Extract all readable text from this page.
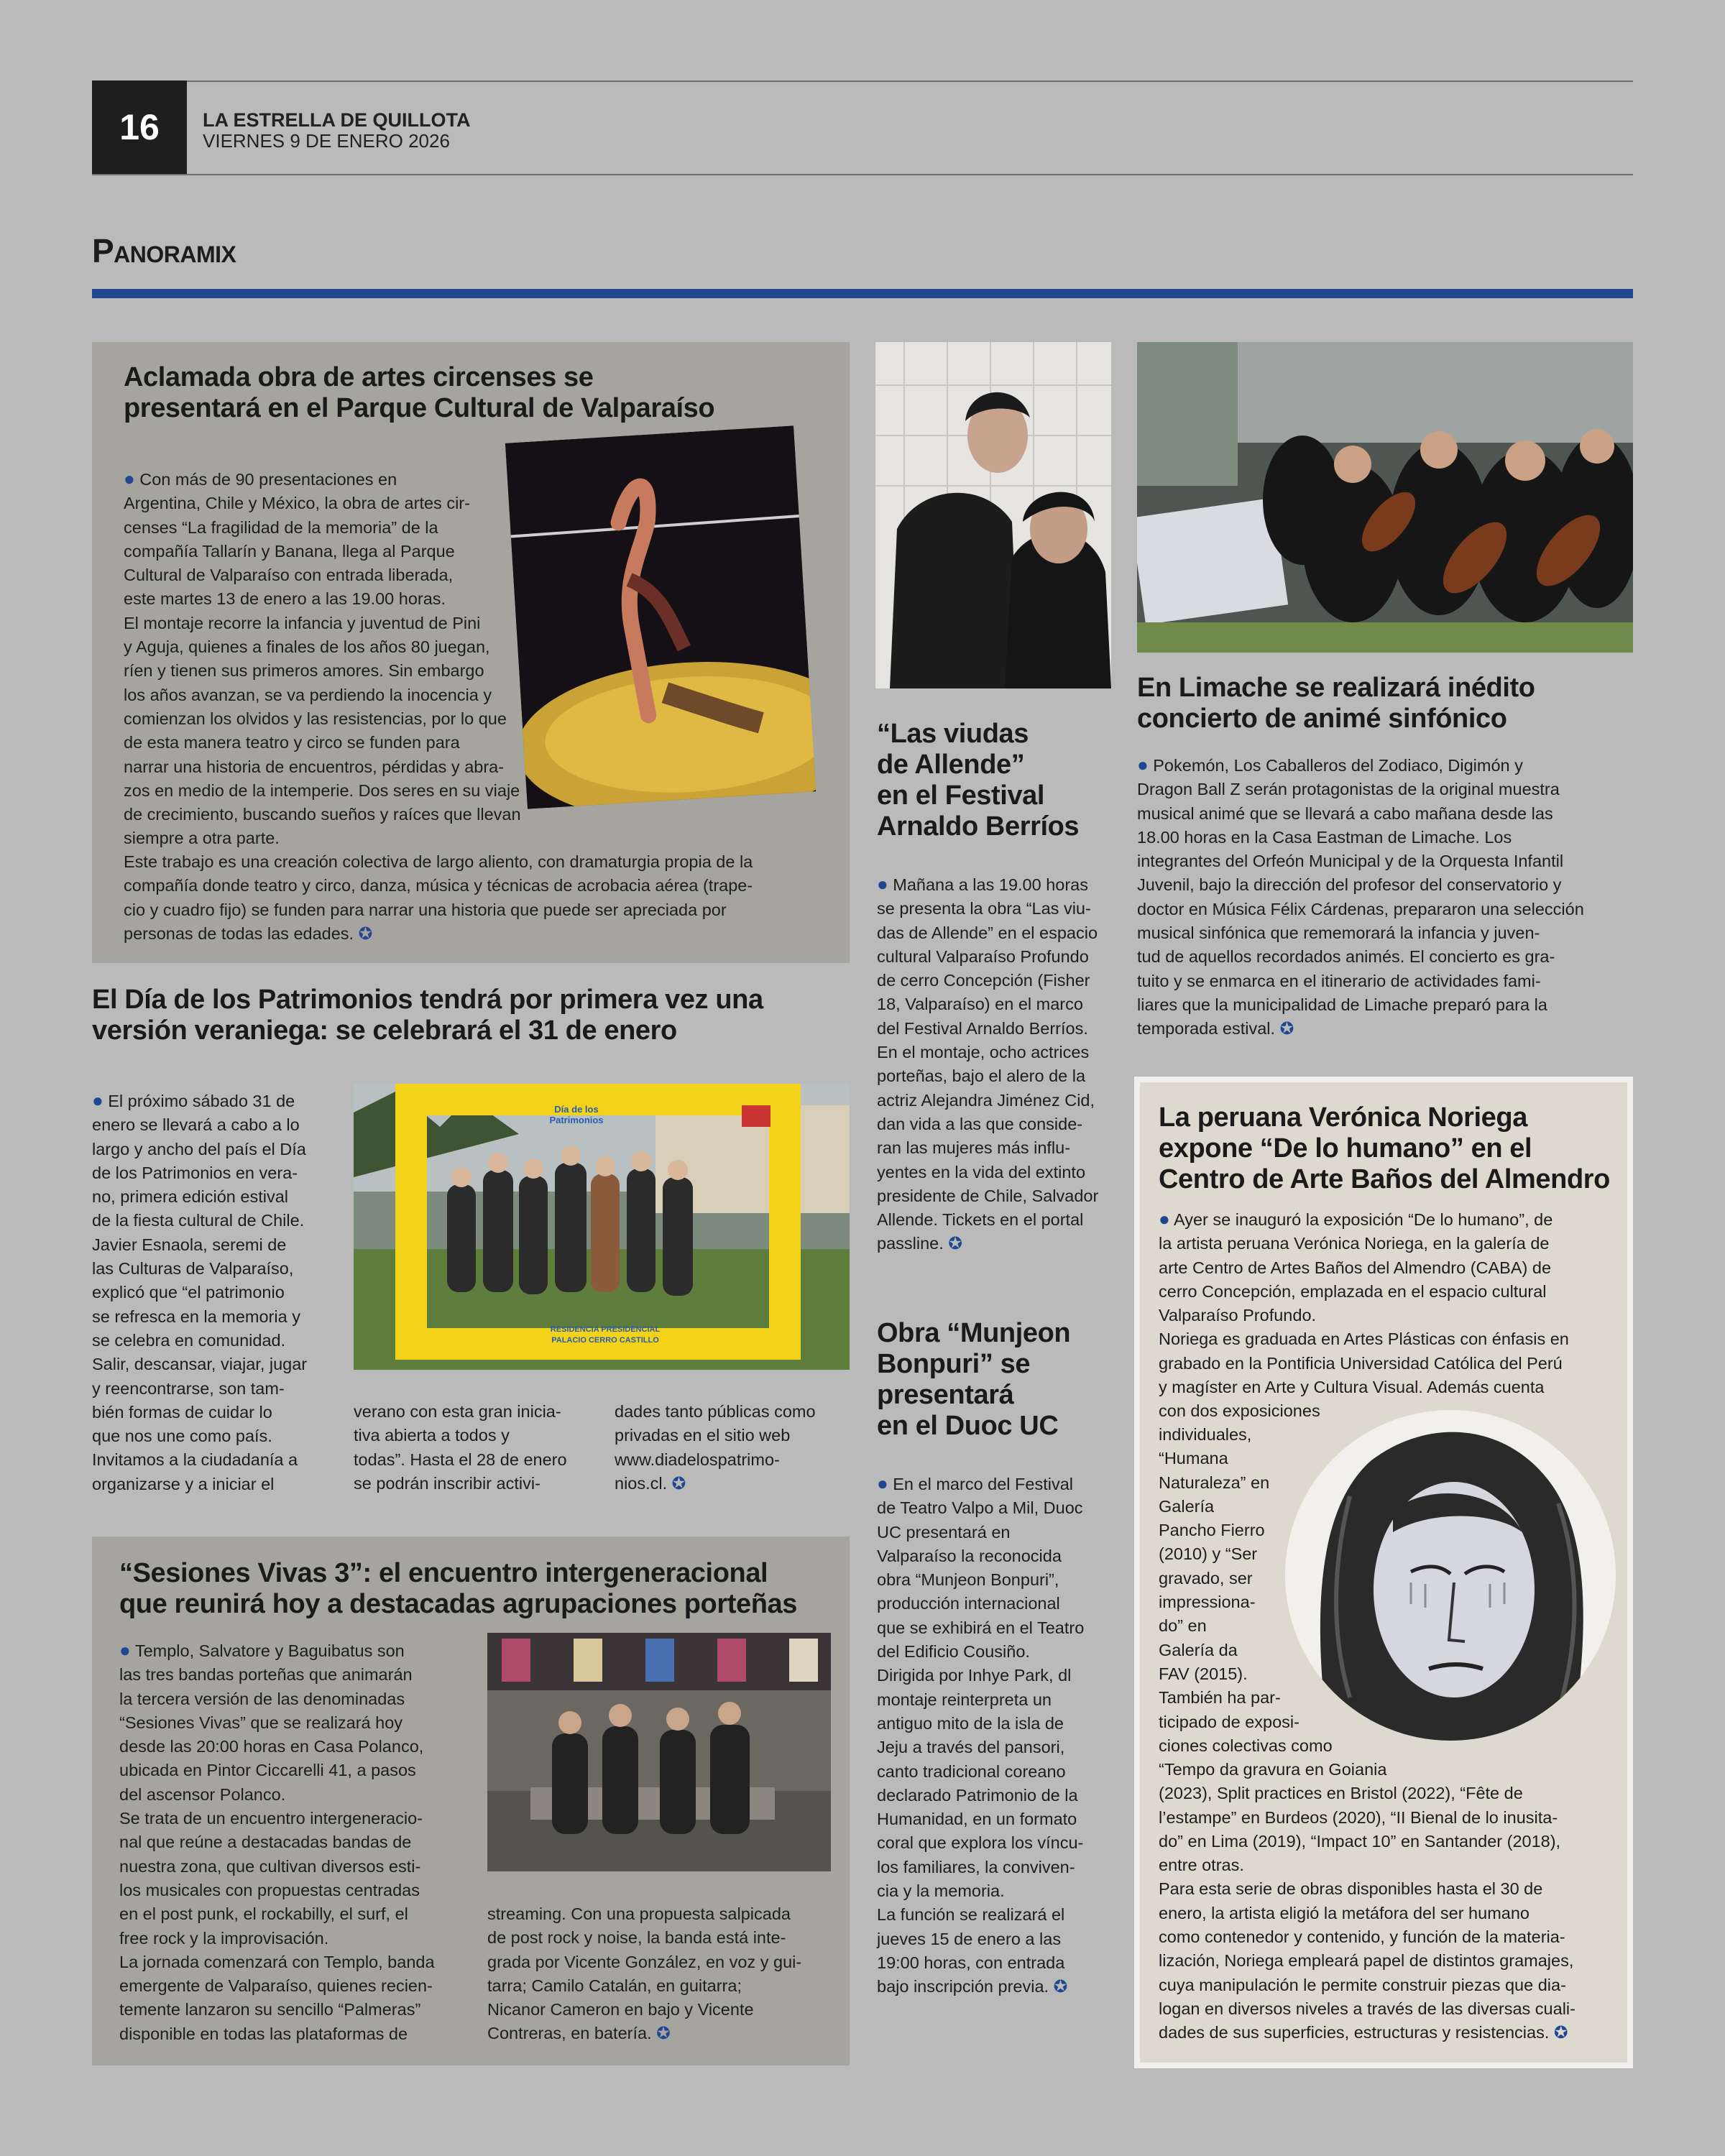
16	LA ESTRELLA DE QUILLOTA
VIERNES 9 DE ENERO 2026
Panoramix
Aclamada obra de artes circenses se
presentará en el Parque Cultural de Valparaíso
● Con más de 90 presentaciones en
Argentina, Chile y México, la obra de artes cir-
censes “La fragilidad de la memoria” de la
compañía Tallarín y Banana, llega al Parque
Cultural de Valparaíso con entrada liberada,
este martes 13 de enero a las 19.00 horas.
El montaje recorre la infancia y juventud de Pini
y Aguja, quienes a finales de los años 80 juegan,
ríen y tienen sus primeros amores. Sin embargo
los años avanzan, se va perdiendo la inocencia y
comienzan los olvidos y las resistencias, por lo que
de esta manera teatro y circo se funden para
narrar una historia de encuentros, pérdidas y abra-
zos en medio de la intemperie. Dos seres en su viaje
de crecimiento, buscando sueños y raíces que llevan
siempre a otra parte.
Este trabajo es una creación colectiva de largo aliento, con dramaturgia propia de la
compañía donde teatro y circo, danza, música y técnicas de acrobacia aérea (trape-
cio y cuadro fijo) se funden para narrar una historia que puede ser apreciada por
personas de todas las edades. ✪
El Día de los Patrimonios tendrá por primera vez una
versión veraniega: se celebrará el 31 de enero
● El próximo sábado 31 de
enero se llevará a cabo a lo
largo y ancho del país el Día
de los Patrimonios en vera-
no, primera edición estival
de la fiesta cultural de Chile.
Javier Esnaola, seremi de
las Culturas de Valparaíso,
explicó que “el patrimonio
se refresca en la memoria y
se celebra en comunidad.
Salir, descansar, viajar, jugar
y reencontrarse, son tam-
bién formas de cuidar lo
que nos une como país.
Invitamos a la ciudadanía a
organizarse y a iniciar el
Día de los
Patrimonios
RESIDENCIA PRESIDENCIAL
PALACIO CERRO CASTILLO
verano con esta gran inicia-
tiva abierta a todos y
todas”. Hasta el 28 de enero
se podrán inscribir activi-
dades tanto públicas como
privadas en el sitio web
www.diadelospatrimo-
nios.cl. ✪
“Sesiones Vivas 3”: el encuentro intergeneracional
que reunirá hoy a destacadas agrupaciones porteñas
● Templo, Salvatore y Baguibatus son
las tres bandas porteñas que animarán
la tercera versión de las denominadas
“Sesiones Vivas” que se realizará hoy
desde las 20:00 horas en Casa Polanco,
ubicada en Pintor Ciccarelli 41, a pasos
del ascensor Polanco.
Se trata de un encuentro intergeneracio-
nal que reúne a destacadas bandas de
nuestra zona, que cultivan diversos esti-
los musicales con propuestas centradas
en el post punk, el rockabilly, el surf, el
free rock y la improvisación.
La jornada comenzará con Templo, banda
emergente de Valparaíso, quienes recien-
temente lanzaron su sencillo “Palmeras”
disponible en todas las plataformas de
streaming. Con una propuesta salpicada
de post rock y noise, la banda está inte-
grada por Vicente González, en voz y gui-
tarra; Camilo Catalán, en guitarra;
Nicanor Cameron en bajo y Vicente
Contreras, en batería. ✪
“Las viudas
de Allende”
en el Festival
Arnaldo Berríos
● Mañana a las 19.00 horas
se presenta la obra “Las viu-
das de Allende” en el espacio
cultural Valparaíso Profundo
de cerro Concepción (Fisher
18, Valparaíso) en el marco
del Festival Arnaldo Berríos.
En el montaje, ocho actrices
porteñas, bajo el alero de la
actriz Alejandra Jiménez Cid,
dan vida a las que conside-
ran las mujeres más influ-
yentes en la vida del extinto
presidente de Chile, Salvador
Allende. Tickets en el portal
passline. ✪
Obra “Munjeon
Bonpuri” se
presentará
en el Duoc UC
● En el marco del Festival
de Teatro Valpo a Mil, Duoc
UC presentará en
Valparaíso la reconocida
obra “Munjeon Bonpuri”,
producción internacional
que se exhibirá en el Teatro
del Edificio Cousiño.
Dirigida por Inhye Park, dl
montaje reinterpreta un
antiguo mito de la isla de
Jeju a través del pansori,
canto tradicional coreano
declarado Patrimonio de la
Humanidad, en un formato
coral que explora los víncu-
los familiares, la conviven-
cia y la memoria.
La función se realizará el
jueves 15 de enero a las
19:00 horas, con entrada
bajo inscripción previa. ✪
En Limache se realizará inédito
concierto de animé sinfónico
● Pokemón, Los Caballeros del Zodiaco, Digimón y
Dragon Ball Z serán protagonistas de la original muestra
musical animé que se llevará a cabo mañana desde las
18.00 horas en la Casa Eastman de Limache. Los
integrantes del Orfeón Municipal y de la Orquesta Infantil
Juvenil, bajo la dirección del profesor del conservatorio y
doctor en Música Félix Cárdenas, prepararon una selección
musical sinfónica que rememorará la infancia y juven-
tud de aquellos recordados animés. El concierto es gra-
tuito y se enmarca en el itinerario de actividades fami-
liares que la municipalidad de Limache preparó para la
temporada estival. ✪
La peruana Verónica Noriega
expone “De lo humano” en el
Centro de Arte Baños del Almendro
● Ayer se inauguró la exposición “De lo humano”, de
la artista peruana Verónica Noriega, en la galería de
arte Centro de Artes Baños del Almendro (CABA) de
cerro Concepción, emplazada en el espacio cultural
Valparaíso Profundo.
Noriega es graduada en Artes Plásticas con énfasis en
grabado en la Pontificia Universidad Católica del Perú
y magíster en Arte y Cultura Visual. Además cuenta
con dos exposiciones
individuales,
“Humana
Naturaleza” en
Galería
Pancho Fierro
(2010) y “Ser
gravado, ser
impressiona-
do” en
Galería da
FAV (2015).
También ha par-
ticipado de exposi-
ciones colectivas como
“Tempo da gravura en Goiania
(2023), Split practices en Bristol (2022), “Fête de
l’estampe” en Burdeos (2020), “II Bienal de lo inusita-
do” en Lima (2019), “Impact 10” en Santander (2018),
entre otras.
Para esta serie de obras disponibles hasta el 30 de
enero, la artista eligió la metáfora del ser humano
como contenedor y contenido, y función de la materia-
lización, Noriega empleará papel de distintos gramajes,
cuya manipulación le permite construir piezas que dia-
logan en diversos niveles a través de las diversas cuali-
dades de sus superficies, estructuras y resistencias. ✪
